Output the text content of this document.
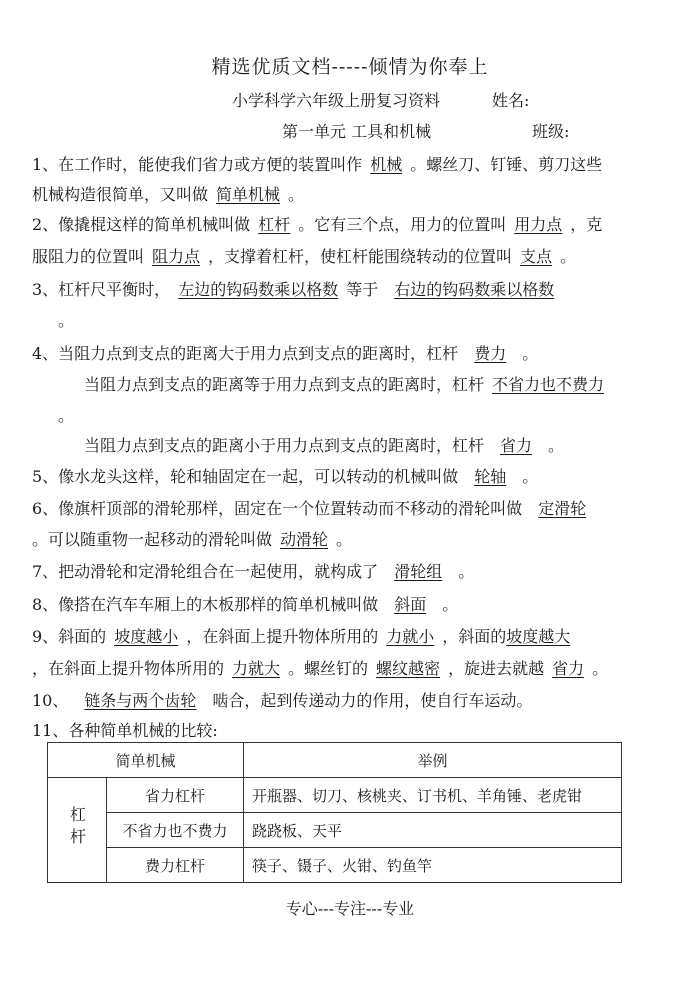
精选优质文档-----倾情为你奉上
小学科学六年级上册复习资料	姓名:
第一单元 工具和机械	班级:
1、在工作时，能使我们省力或方便的装置叫作 机械 。螺丝刀、钉锤、剪刀这些
机械构造很简单，又叫做 简单机械 。
2、像撬棍这样的简单机械叫做 杠杆 。它有三个点，用力的位置叫 用力点 ，克
服阻力的位置叫 阻力点 ，支撑着杠杆，使杠杆能围绕转动的位置叫 支点 。
3、杠杆尺平衡时， 左边的钩码数乘以格数 等于 右边的钩码数乘以格数
。
4、当阻力点到支点的距离大于用力点到支点的距离时，杠杆 费力 。
当阻力点到支点的距离等于用力点到支点的距离时，杠杆 不省力也不费力
。
当阻力点到支点的距离小于用力点到支点的距离时，杠杆 省力 。
5、像水龙头这样，轮和轴固定在一起，可以转动的机械叫做 轮轴 。
6、像旗杆顶部的滑轮那样，固定在一个位置转动而不移动的滑轮叫做 定滑轮
。可以随重物一起移动的滑轮叫做 动滑轮 。
7、把动滑轮和定滑轮组合在一起使用，就构成了 滑轮组 。
8、像搭在汽车车厢上的木板那样的简单机械叫做 斜面 。
9、斜面的 坡度越小 ，在斜面上提升物体所用的 力就小 ，斜面的坡度越大
，在斜面上提升物体所用的 力就大 。螺丝钉的 螺纹越密 ，旋进去就越 省力 。
10、 链条与两个齿轮 啮合，起到传递动力的作用，使自行车运动。
11、各种简单机械的比较:
简单机械		举例
杠杆	省力杠杆	开瓶器、切刀、核桃夹、订书机、羊角锤、老虎钳
	不省力也不费力	跷跷板、天平
	费力杠杆	筷子、镊子、火钳、钓鱼竿
专心---专注---专业
